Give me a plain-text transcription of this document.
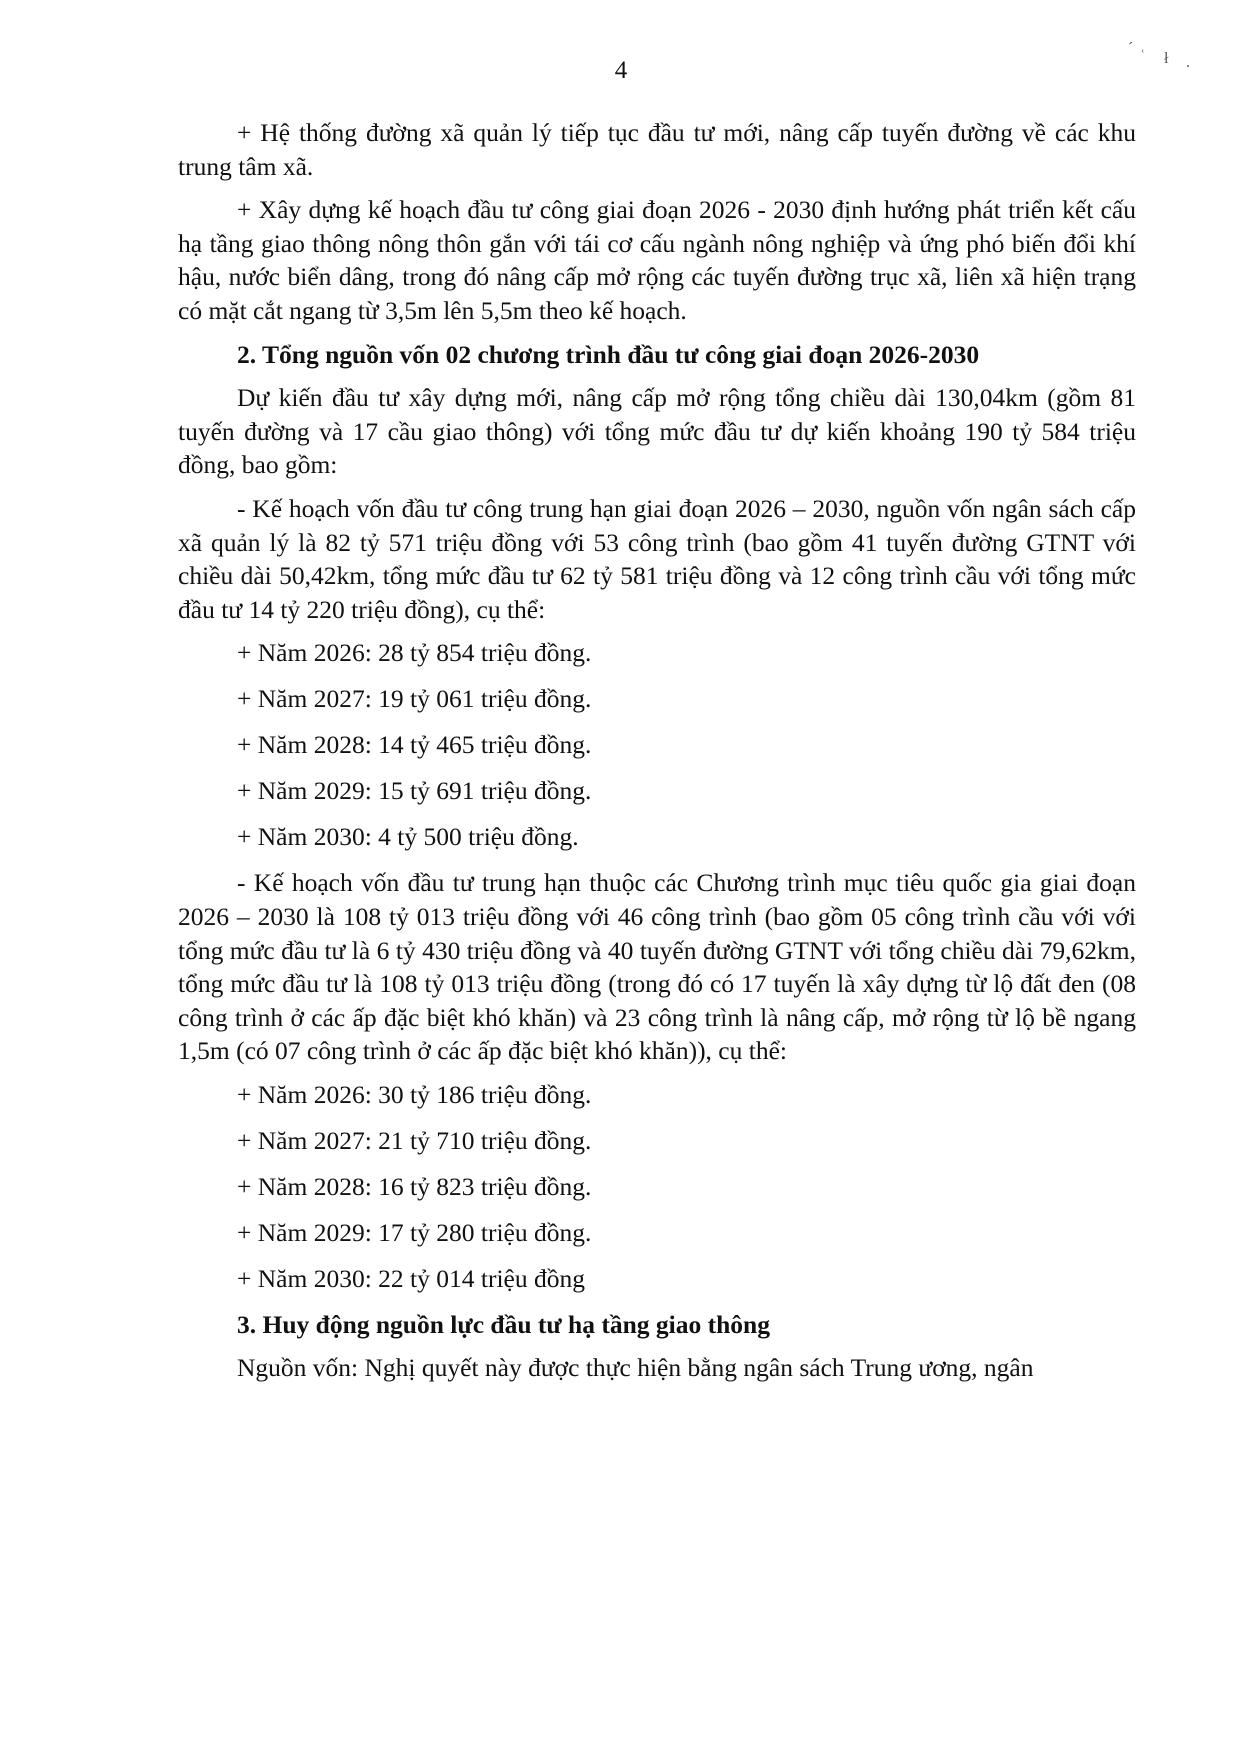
4
´ ʿ ł .

+ Hệ thống đường xã quản lý tiếp tục đầu tư mới, nâng cấp tuyến đường về các khu trung tâm xã.

+ Xây dựng kế hoạch đầu tư công giai đoạn 2026 - 2030 định hướng phát triển kết cấu hạ tầng giao thông nông thôn gắn với tái cơ cấu ngành nông nghiệp và ứng phó biến đổi khí hậu, nước biển dâng, trong đó nâng cấp mở rộng các tuyến đường trục xã, liên xã hiện trạng có mặt cắt ngang từ 3,5m lên 5,5m theo kế hoạch.

2. Tổng nguồn vốn 02 chương trình đầu tư công giai đoạn 2026-2030

Dự kiến đầu tư xây dựng mới, nâng cấp mở rộng tổng chiều dài 130,04km (gồm 81 tuyến đường và 17 cầu giao thông) với tổng mức đầu tư dự kiến khoảng 190 tỷ 584 triệu đồng, bao gồm:

- Kế hoạch vốn đầu tư công trung hạn giai đoạn 2026 – 2030, nguồn vốn ngân sách cấp xã quản lý là 82 tỷ 571 triệu đồng với 53 công trình (bao gồm 41 tuyến đường GTNT với chiều dài 50,42km, tổng mức đầu tư 62 tỷ 581 triệu đồng và 12 công trình cầu với tổng mức đầu tư 14 tỷ 220 triệu đồng), cụ thể:

+ Năm 2026: 28 tỷ 854 triệu đồng.

+ Năm 2027: 19 tỷ 061 triệu đồng.

+ Năm 2028: 14 tỷ 465 triệu đồng.

+ Năm 2029: 15 tỷ 691 triệu đồng.

+ Năm 2030: 4 tỷ 500 triệu đồng.

- Kế hoạch vốn đầu tư trung hạn thuộc các Chương trình mục tiêu quốc gia giai đoạn 2026 – 2030 là 108 tỷ 013 triệu đồng với 46 công trình (bao gồm 05 công trình cầu với với tổng mức đầu tư là 6 tỷ 430 triệu đồng và 40 tuyến đường GTNT với tổng chiều dài 79,62km, tổng mức đầu tư là 108 tỷ 013 triệu đồng (trong đó có 17 tuyến là xây dựng từ lộ đất đen (08 công trình ở các ấp đặc biệt khó khăn) và 23 công trình là nâng cấp, mở rộng từ lộ bề ngang 1,5m (có 07 công trình ở các ấp đặc biệt khó khăn)), cụ thể:

+ Năm 2026: 30 tỷ 186 triệu đồng.

+ Năm 2027: 21 tỷ 710 triệu đồng.

+ Năm 2028: 16 tỷ 823 triệu đồng.

+ Năm 2029: 17 tỷ 280 triệu đồng.

+ Năm 2030: 22 tỷ 014 triệu đồng

3. Huy động nguồn lực đầu tư hạ tầng giao thông

Nguồn vốn: Nghị quyết này được thực hiện bằng ngân sách Trung ương, ngân
